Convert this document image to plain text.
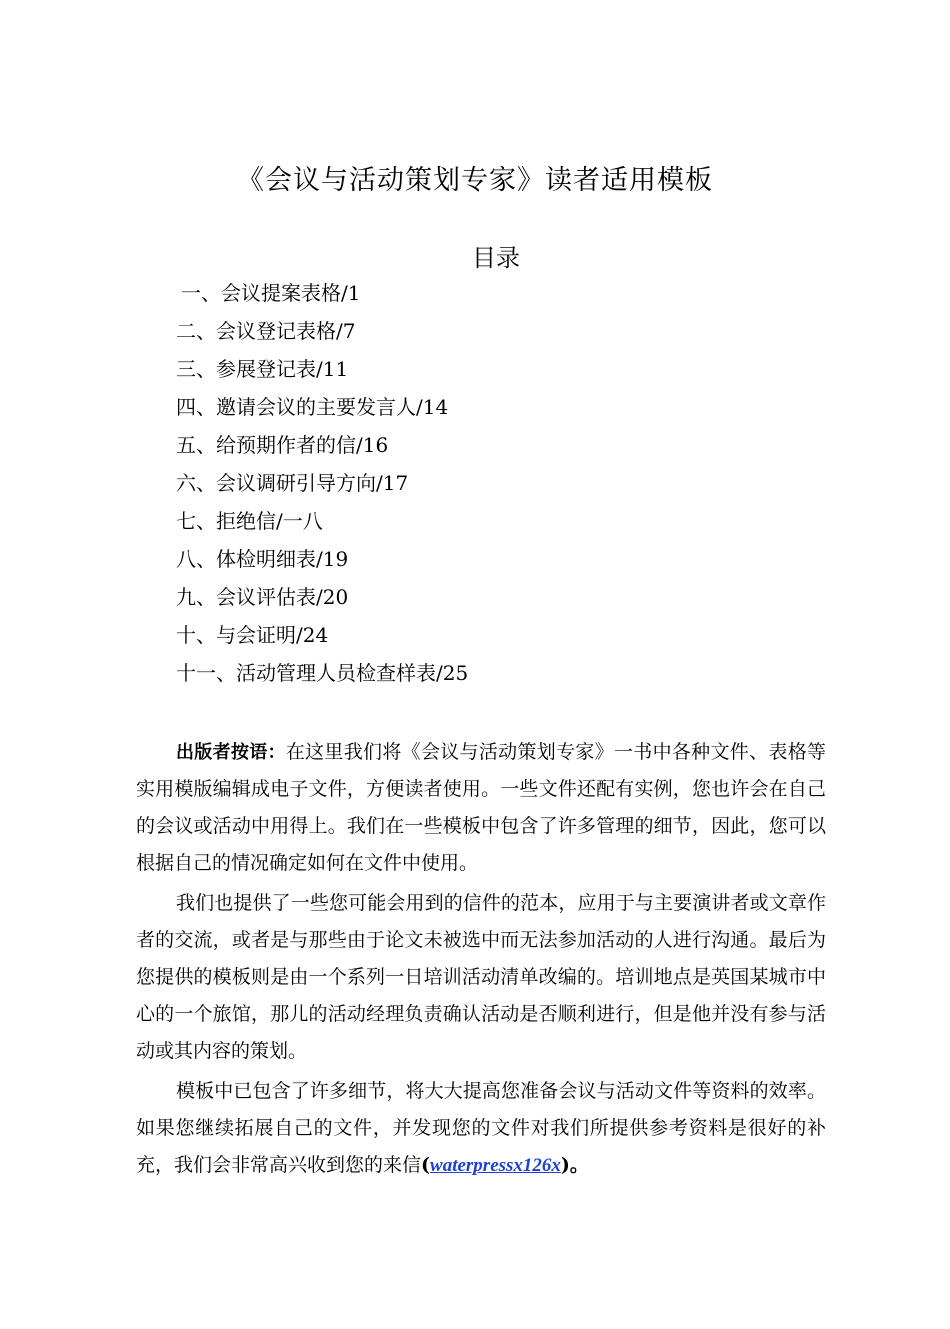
《会议与活动策划专家》读者适用模板
目录
一、会议提案表格/1
二、会议登记表格/7
三、参展登记表/11
四、邀请会议的主要发言人/14
五、给预期作者的信/16
六、会议调研引导方向/17
七、拒绝信/一八
八、体检明细表/19
九、会议评估表/20
十、与会证明/24
十一、活动管理人员检查样表/25

出版者按语：在这里我们将《会议与活动策划专家》一书中各种文件、表格等实用模版编辑成电子文件，方便读者使用。一些文件还配有实例，您也许会在自己的会议或活动中用得上。我们在一些模板中包含了许多管理的细节，因此，您可以根据自己的情况确定如何在文件中使用。

我们也提供了一些您可能会用到的信件的范本，应用于与主要演讲者或文章作者的交流，或者是与那些由于论文未被选中而无法参加活动的人进行沟通。最后为您提供的模板则是由一个系列一日培训活动清单改编的。培训地点是英国某城市中心的一个旅馆，那儿的活动经理负责确认活动是否顺利进行，但是他并没有参与活动或其内容的策划。

模板中已包含了许多细节，将大大提高您准备会议与活动文件等资料的效率。如果您继续拓展自己的文件，并发现您的文件对我们所提供参考资料是很好的补充，我们会非常高兴收到您的来信(waterpressx126x)。
